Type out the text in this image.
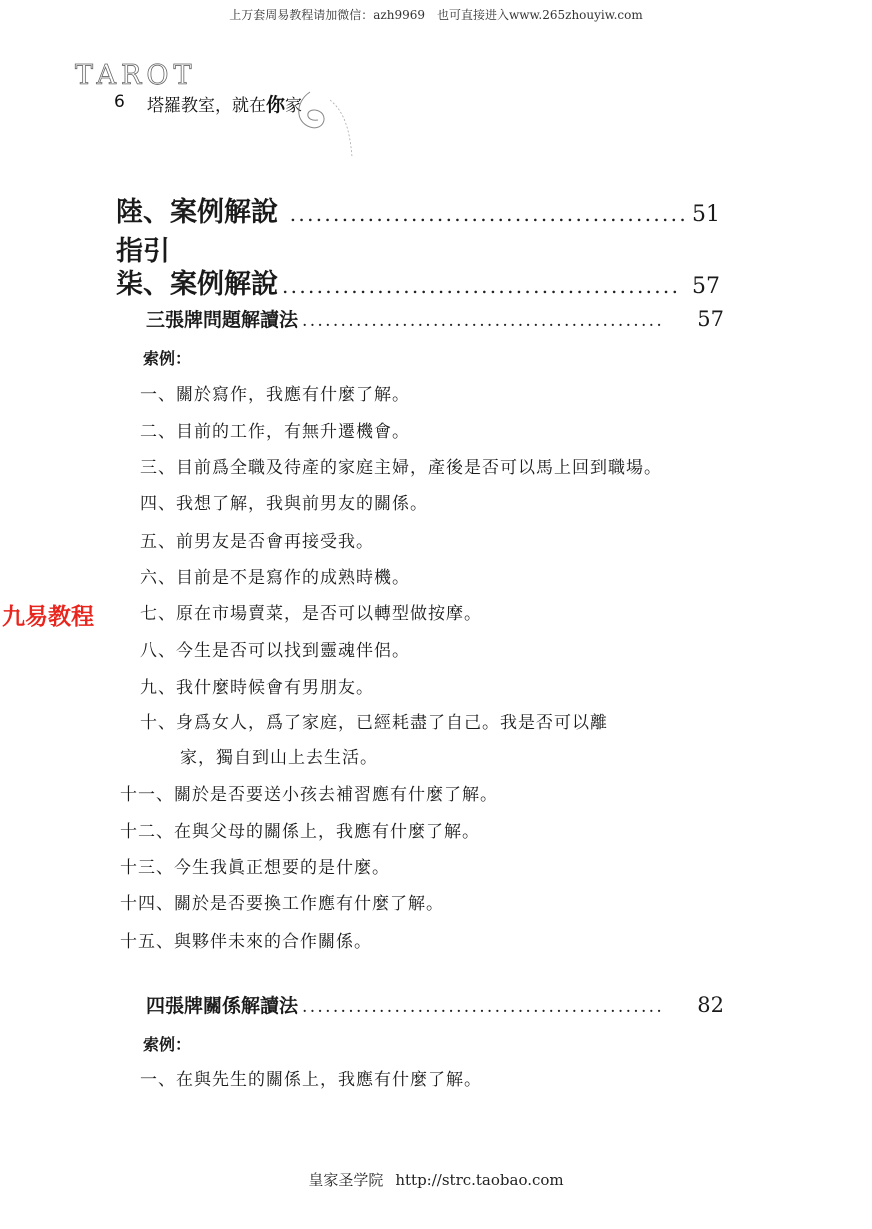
上万套周易教程请加微信：azh9969　也可直接进入www.265zhouyiw.com
TAROT
6 塔羅教室，就在你家
陸、案例解說指引
.............................................. 51
柒、案例解說 .............................................. 57
三張牌問題解讀法 ...............................................	57
索例：
一、關於寫作，我應有什麼了解。
二、目前的工作，有無升遷機會。
三、目前爲全職及待產的家庭主婦，產後是否可以馬上回到職場。
四、我想了解，我與前男友的關係。
五、前男友是否會再接受我。
六、目前是不是寫作的成熟時機。
七、原在市場賣菜，是否可以轉型做按摩。
八、今生是否可以找到靈魂伴侶。
九、我什麼時候會有男朋友。
十、身爲女人，爲了家庭，已經耗盡了自己。我是否可以離
家，獨自到山上去生活。
十一、關於是否要送小孩去補習應有什麼了解。
十二、在與父母的關係上，我應有什麼了解。
十三、今生我眞正想要的是什麼。
十四、關於是否要換工作應有什麼了解。
十五、與夥伴未來的合作關係。
四張牌關係解讀法 ...............................................	82
索例：
一、在與先生的關係上，我應有什麼了解。
九易教程
皇家圣学院 http://strc.taobao.com
